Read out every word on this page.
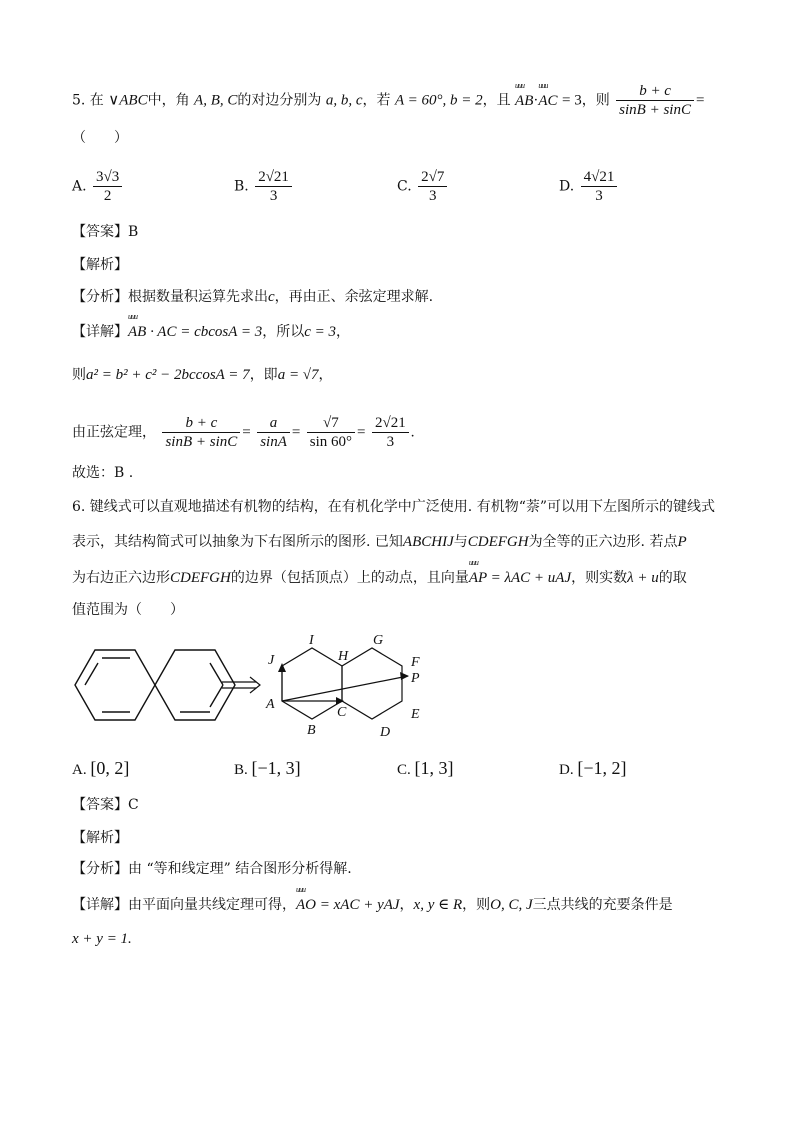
5. 在 ∨ABC中，角 A, B, C的对边分别为 a, b, c，若 A = 60°, b = 2，且 uuu AB·uuu AC = 3，则 $\frac{b + c}{\sin B + \sin C}$ =
（　　）
A. $\frac{3√3}{2}$	B. $\frac{2√21}{3}$	C. $\frac{2√7}{3}$	D. $\frac{4√21}{3}$
【答案】B
【解析】
【分析】根据数量积运算先求出c，再由正、余弦定理求解.
【详解】uuu AB · AC = cbcosA = 3，所以c = 3，
则a² = b² + c² − 2bccosA = 7，即a = √7，
由正弦定理， $\frac{b + c}{\sin B + \sin C} = \frac{a}{\sin A} = \frac{√7}{\sin 60^\circ} = \frac{2√21}{3}$ .
故选：B .
6. 键线式可以直观地描述有机物的结构，在有机化学中广泛使用. 有机物“萘”可以用下左图所示的键线式
表示，其结构简式可以抽象为下右图所示的图形. 已知ABCHIJ与CDEFGH为全等的正六边形. 若点P
为右边正六边形CDEFGH的边界（包括顶点）上的动点，且向量uuu AP = λAC + uAJ，则实数λ + u的取
值范围为（　　）
I	G
J	H	F
P
A
C	E
B	D
A. [0, 2]	B. [−1, 3]	C. [1, 3]	D. [−1, 2]
【答案】C
【解析】
【分析】由 “等和线定理” 结合图形分析得解.
【详解】由平面向量共线定理可得，uuu AO = xAC + yAJ，x, y ∈ R，则O, C, J三点共线的充要条件是
x + y = 1.
